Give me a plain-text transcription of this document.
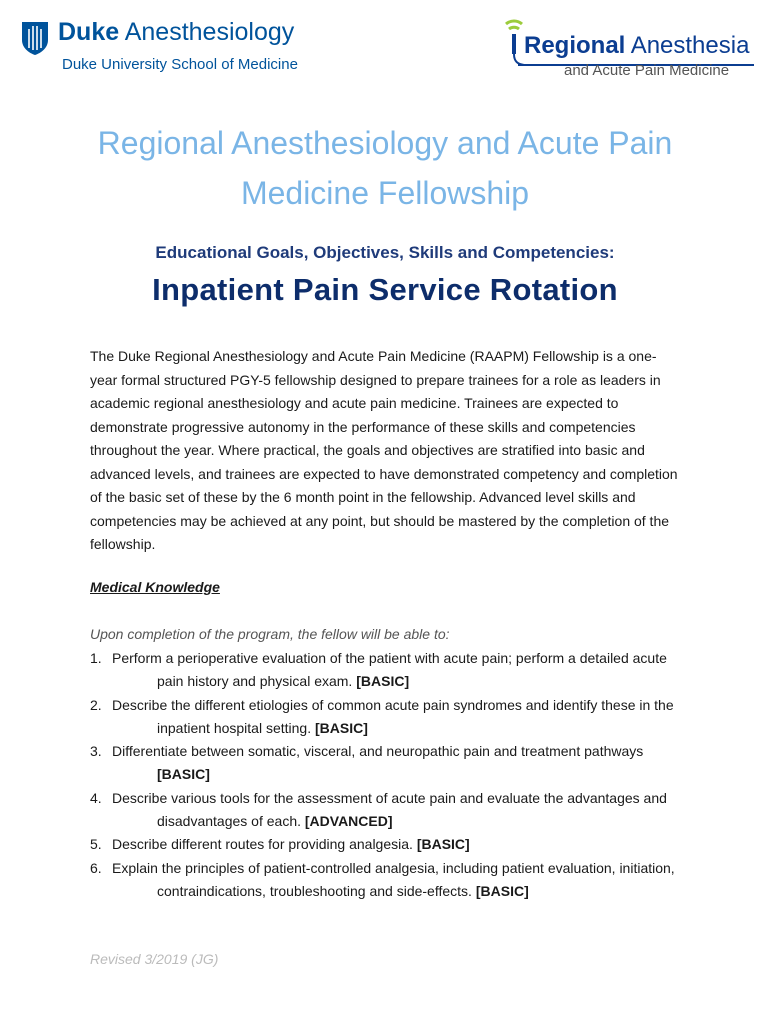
Duke Anesthesiology
Duke University School of Medicine
Regional Anesthesia
and Acute Pain Medicine
Regional Anesthesiology and Acute Pain Medicine Fellowship
Educational Goals, Objectives, Skills and Competencies:
Inpatient Pain Service Rotation

The Duke Regional Anesthesiology and Acute Pain Medicine (RAAPM) Fellowship is a one-year formal structured PGY-5 fellowship designed to prepare trainees for a role as leaders in academic regional anesthesiology and acute pain medicine. Trainees are expected to demonstrate progressive autonomy in the performance of these skills and competencies throughout the year. Where practical, the goals and objectives are stratified into basic and advanced levels, and trainees are expected to have demonstrated competency and completion of the basic set of these by the 6 month point in the fellowship. Advanced level skills and competencies may be achieved at any point, but should be mastered by the completion of the fellowship.

Medical Knowledge
Upon completion of the program, the fellow will be able to:
1. Perform a perioperative evaluation of the patient with acute pain; perform a detailed acute pain history and physical exam. [BASIC]
2. Describe the different etiologies of common acute pain syndromes and identify these in the inpatient hospital setting. [BASIC]
3. Differentiate between somatic, visceral, and neuropathic pain and treatment pathways [BASIC]
4. Describe various tools for the assessment of acute pain and evaluate the advantages and disadvantages of each. [ADVANCED]
5. Describe different routes for providing analgesia. [BASIC]
6. Explain the principles of patient-controlled analgesia, including patient evaluation, initiation, contraindications, troubleshooting and side-effects. [BASIC]
Revised 3/2019 (JG)
